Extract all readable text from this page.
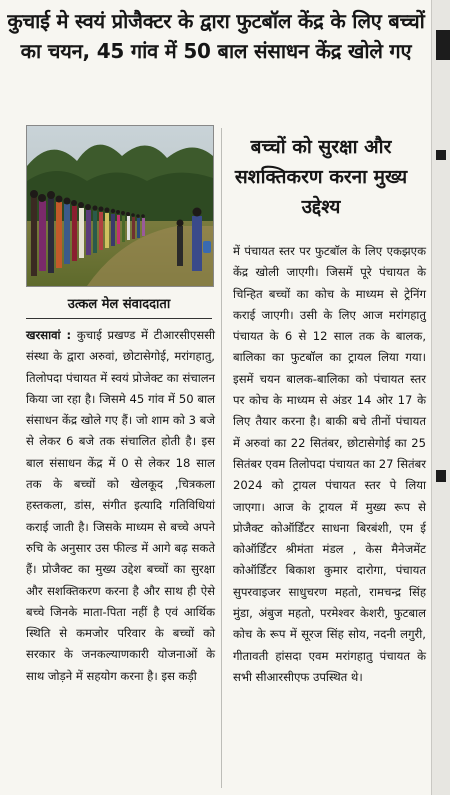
कुचाई मे स्वयं प्रोजैक्टर के द्वारा फुटबॉल केंद्र के लिए बच्चों का चयन, 45 गांव में 50 बाल संसाधन केंद्र खोले गए
उत्कल मेल संवाददाता

खरसावां : कुचाई प्रखण्ड में टीआरसीएससी संस्था के द्वारा अरुवां, छोटासेगोई, मरांगहातु, तिलोपदा पंचायत में स्वयं प्रोजेक्ट का संचालन किया जा रहा है। जिसमे 45 गांव में 50 बाल संसाधन केंद्र खोले गए हैं। जो शाम को 3 बजे से लेकर 6 बजे तक संचालित होती है। इस बाल संसाधन केंद्र में 0 से लेकर 18 साल तक के बच्चों को खेलकूद ,चित्रकला हस्तकला, डांस, संगीत इत्यादि गतिविधियां कराई जाती है। जिसके माध्यम से बच्चे अपने रुचि के अनुसार उस फील्ड में आगे बढ़ सकते हैं। प्रोजैक्ट का मुख्य उद्देश बच्चों का सुरक्षा और सशक्तिकरण करना है और साथ ही ऐसे बच्चे जिनके माता-पिता नहीं है एवं आर्थिक स्थिति से कमजोर परिवार के बच्चों को सरकार के जनकल्याणकारी योजनाओं के साथ जोड़ने में सहयोग करना है। इस कड़ी

बच्चों को सुरक्षा और सशक्तिकरण करना मुख्य उद्देश्य

में पंचायत स्तर पर फुटबॉल के लिए एकझएक केंद्र खोली जाएगी। जिसमें पूरे पंचायत के चिन्हित बच्चों का कोच के माध्यम से ट्रेनिंग कराई जाएगी। उसी के लिए आज मरांगहातु पंचायत के 6 से 12 साल तक के बालक, बालिका का फुटबॉल का ट्रायल लिया गया। इसमें चयन बालक-बालिका को पंचायत स्तर पर कोच के माध्यम से अंडर 14 ओर 17 के लिए तैयार करना है। बाकी बचे तीनों पंचायत में अरुवां का 22 सितंबर, छोटासेगोई का 25 सितंबर एवम तिलोपदा पंचायत का 27 सितंबर 2024 को ट्रायल पंचायत स्तर पे लिया जाएगा। आज के ट्रायल में मुख्य रूप से प्रोजैक्ट कोऑर्डिंटर साधना बिरबंशी, एम ई कोऑर्डिंटर श्रीमंता मंडल , केस मैनेजमेंट कोऑर्डिंटर बिकाश कुमार दारोगा, पंचायत सुपरवाइजर साधुचरण महतो, रामचन्द्र सिंह मुंडा, अंबुज महतो, परमेश्वर केशरी, फुटबाल कोच के रूप में सूरज सिंह सोय, नदनी लगुरी, गीतावती हांसदा एवम मरांगहातु पंचायत के सभी सीआरसीएफ उपस्थित थे।
